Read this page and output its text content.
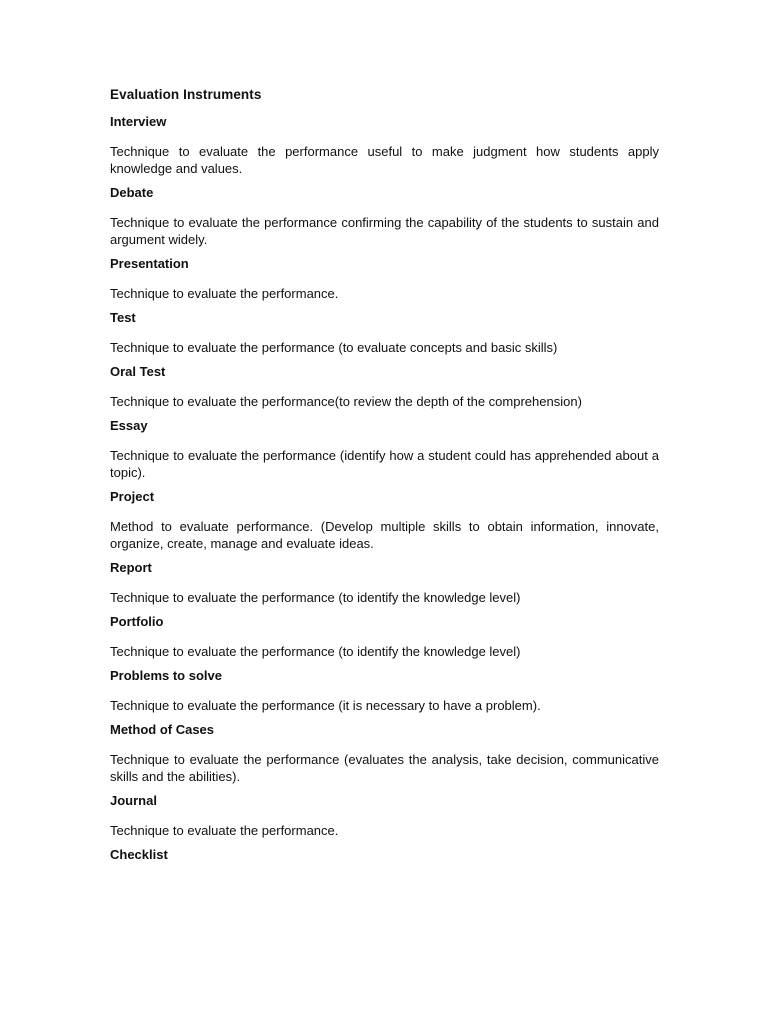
Evaluation Instruments
Interview

Technique to evaluate the performance useful to make judgment how students apply knowledge and values.

Debate

Technique to evaluate the performance confirming the capability of the students to sustain and argument widely.

Presentation

Technique to evaluate the performance.

Test

Technique to evaluate the performance (to evaluate concepts and basic skills)

Oral Test

Technique to evaluate the performance(to review the depth of the comprehension)

Essay

Technique to evaluate the performance (identify how a student could has apprehended about a topic).

Project

Method to evaluate performance. (Develop multiple skills to obtain information, innovate, organize, create, manage and evaluate ideas.

Report

Technique to evaluate the performance (to identify the knowledge level)

Portfolio

Technique to evaluate the performance (to identify the knowledge level)

Problems to solve

Technique to evaluate the performance (it is necessary to have a problem).

Method of Cases

Technique to evaluate the performance (evaluates the analysis, take decision, communicative skills and the abilities).

Journal

Technique to evaluate the performance.

Checklist
